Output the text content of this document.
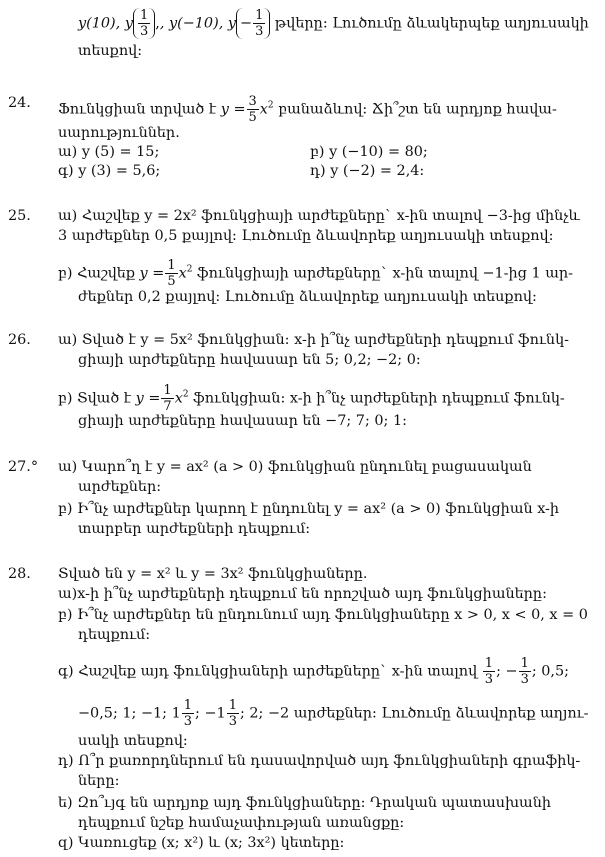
y(10), y $\frac{1}{3}$ ,, y(−10), $y - \frac{1}{3}$ թվերը: Լուծումը ձևակերպեք աղյուսակի
տեսքով:
24. Ֆունկցիան տրված է $y = \frac{3}{5} x^2$ բանաձևով: Ճի՞շտ են արդյոք հավա-
սարություններ.
ա) y (5) = 15;	բ) y (−10) = 80;
գ) y (3) = 5,6;	դ) y (−2) = 2,4:
25. ա) Հաշվեք y = 2x² ֆունկցիայի արժեքները` x-ին տալով −3-ից մինչև
3 արժեքներ 0,5 քայլով: Լուծումը ձևավորեք աղյուսակի տեսքով:
բ) Հաշվեք $y = \frac{1}{5} x^2$ ֆունկցիայի արժեքները` x-ին տալով −1-ից 1 ար-
ժեքներ 0,2 քայլով: Լուծումը ձևավորեք աղյուսակի տեսքով:
26. ա) Տված է y = 5x² ֆունկցիան: x-ի ի՞նչ արժեքների դեպքում ֆունկ-
ցիայի արժեքները հավասար են 5; 0,2; −2; 0:
բ) Տված է $y = \frac{1}{7} x^2$ ֆունկցիան: x-ի ի՞նչ արժեքների դեպքում ֆունկ-
ցիայի արժեքները հավասար են −7; 7; 0; 1:
27.° ա) Կարո՞ղ է y = ax² (a > 0) ֆունկցիան ընդունել բացասական
արժեքներ:
բ) Ի՞նչ արժեքներ կարող է ընդունել y = ax² (a > 0) ֆունկցիան x-ի
տարբեր արժեքների դեպքում:
28. Տված են y = x² և y = 3x² ֆունկցիաները.
ա)x-ի ի՞նչ արժեքների դեպքում են որոշված այդ ֆունկցիաները:
բ) Ի՞նչ արժեքներ են ընդունում այդ ֆունկցիաները x > 0, x < 0, x = 0
դեպքում:
գ) Հաշվեք այդ ֆունկցիաների արժեքները` x-ին տալով $\frac{1}{3}$ ; − $\frac{1}{3}$ ; 0,5;
−0,5; 1; −1; $1 \frac{1}{3}$ ; $-1 \frac{1}{3}$ ; 2; −2 արժեքներ: Լուծումը ձևավորեք աղյու-
սակի տեսքով:
դ) Ո՞ր քառորդներում են դասավորված այդ ֆունկցիաների գրաֆիկ-
ները:
ե) Զո՞ւյգ են արդյոք այդ ֆունկցիաները: Դրական պատասխանի
դեպքում նշեք համաչափության առանցքը:
զ) Կառուցեք (x; x²) և (x; 3x²) կետերը:
